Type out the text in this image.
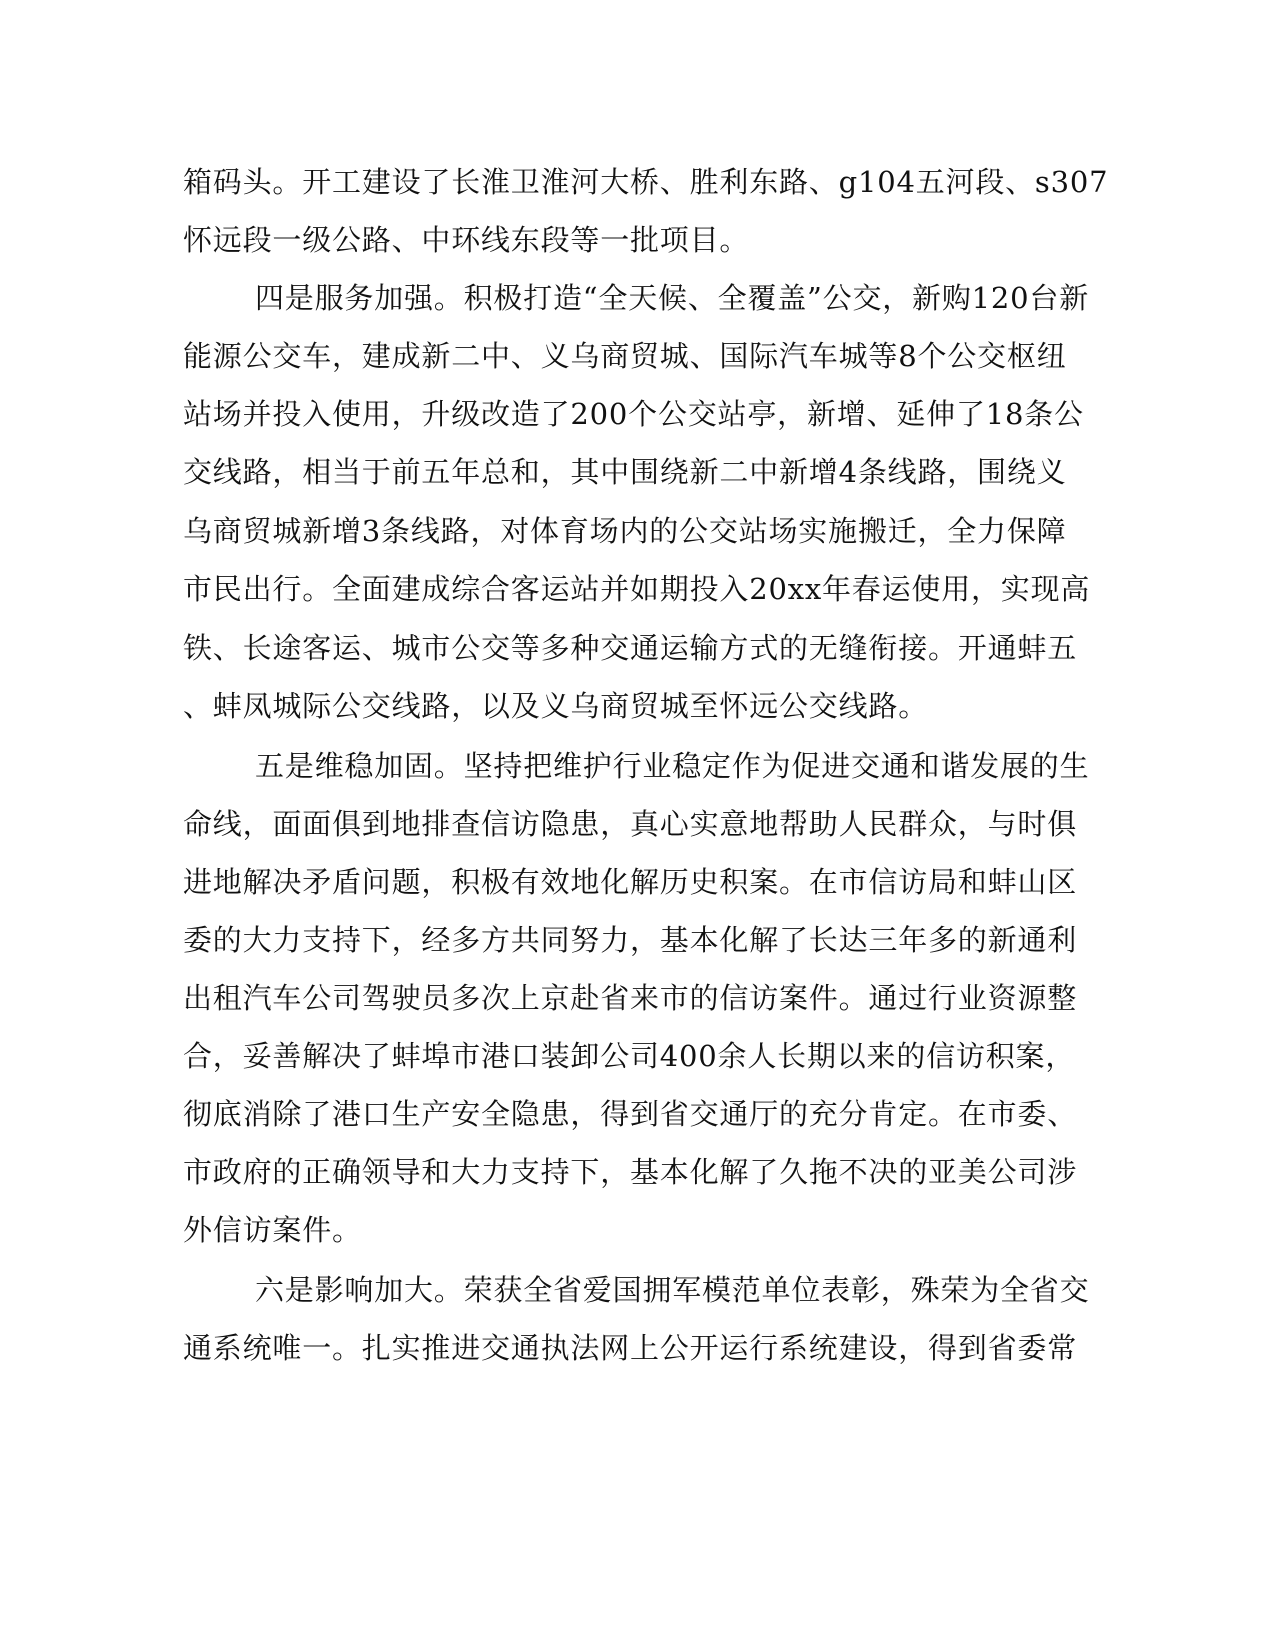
箱码头。开工建设了长淮卫淮河大桥、胜利东路、g104五河段、s307
怀远段一级公路、中环线东段等一批项目。
四是服务加强。积极打造“全天候、全覆盖”公交，新购120台新
能源公交车，建成新二中、义乌商贸城、国际汽车城等8个公交枢纽
站场并投入使用，升级改造了200个公交站亭，新增、延伸了18条公
交线路，相当于前五年总和，其中围绕新二中新增4条线路，围绕义
乌商贸城新增3条线路，对体育场内的公交站场实施搬迁，全力保障
市民出行。全面建成综合客运站并如期投入20xx年春运使用，实现高
铁、长途客运、城市公交等多种交通运输方式的无缝衔接。开通蚌五
、蚌凤城际公交线路，以及义乌商贸城至怀远公交线路。
五是维稳加固。坚持把维护行业稳定作为促进交通和谐发展的生
命线，面面俱到地排查信访隐患，真心实意地帮助人民群众，与时俱
进地解决矛盾问题，积极有效地化解历史积案。在市信访局和蚌山区
委的大力支持下，经多方共同努力，基本化解了长达三年多的新通利
出租汽车公司驾驶员多次上京赴省来市的信访案件。通过行业资源整
合，妥善解决了蚌埠市港口装卸公司400余人长期以来的信访积案，
彻底消除了港口生产安全隐患，得到省交通厅的充分肯定。在市委、
市政府的正确领导和大力支持下，基本化解了久拖不决的亚美公司涉
外信访案件。
六是影响加大。荣获全省爱国拥军模范单位表彰，殊荣为全省交
通系统唯一。扎实推进交通执法网上公开运行系统建设，得到省委常
